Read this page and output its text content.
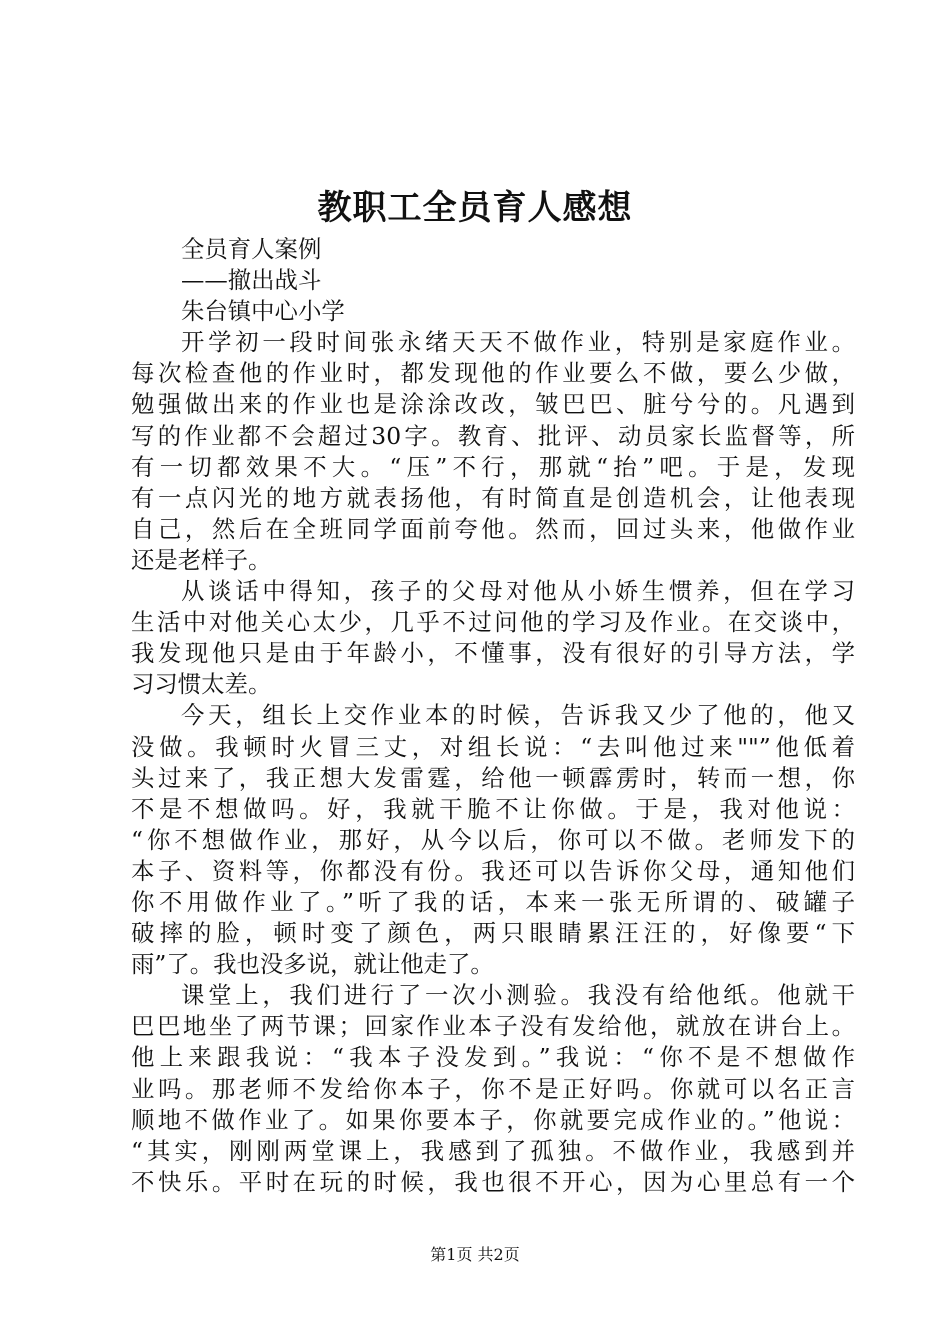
教职工全员育人感想
全员育人案例
——撤出战斗
朱台镇中心小学
开学初一段时间张永绪天天不做作业，特别是家庭作业。
每次检查他的作业时，都发现他的作业要么不做，要么少做，
勉强做出来的作业也是涂涂改改，皱巴巴、脏兮兮的。凡遇到
写的作业都不会超过30字。教育、批评、动员家长监督等，所
有一切都效果不大。“压”不行，那就“抬”吧。于是，发现
有一点闪光的地方就表扬他，有时简直是创造机会，让他表现
自己，然后在全班同学面前夸他。然而，回过头来，他做作业
还是老样子。
从谈话中得知，孩子的父母对他从小娇生惯养，但在学习
生活中对他关心太少，几乎不过问他的学习及作业。在交谈中，
我发现他只是由于年龄小，不懂事，没有很好的引导方法，学
习习惯太差。
今天，组长上交作业本的时候，告诉我又少了他的，他又
没做。我顿时火冒三丈，对组长说：“去叫他过来""”他低着
头过来了，我正想大发雷霆，给他一顿霹雳时，转而一想，你
不是不想做吗。好，我就干脆不让你做。于是，我对他说：
“你不想做作业，那好，从今以后，你可以不做。老师发下的
本子、资料等，你都没有份。我还可以告诉你父母，通知他们
你不用做作业了。”听了我的话，本来一张无所谓的、破罐子
破摔的脸，顿时变了颜色，两只眼睛累汪汪的，好像要“下
雨”了。我也没多说，就让他走了。
课堂上，我们进行了一次小测验。我没有给他纸。他就干
巴巴地坐了两节课；回家作业本子没有发给他，就放在讲台上。
他上来跟我说：“我本子没发到。”我说：“你不是不想做作
业吗。那老师不发给你本子，你不是正好吗。你就可以名正言
顺地不做作业了。如果你要本子，你就要完成作业的。”他说：
“其实，刚刚两堂课上，我感到了孤独。不做作业，我感到并
不快乐。平时在玩的时候，我也很不开心，因为心里总有一个
第1页 共2页
